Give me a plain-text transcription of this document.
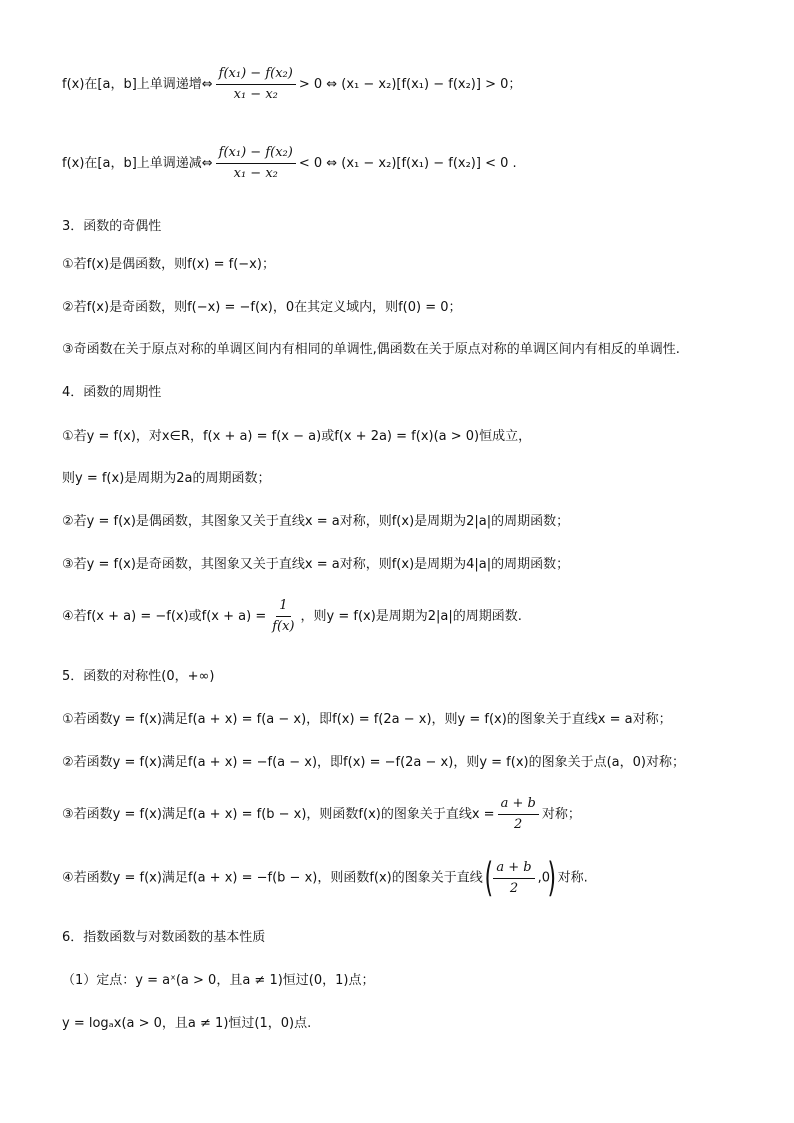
f(x)在[a，b]上单调递增⇔ $\frac{\text{f(x₁) − f(x₂)}}{\text{x₁ − x₂}} > 0$ ⇔ (x₁ − x₂)[f(x₁) − f(x₂)] > 0；
f(x)在[a，b]上单调递减⇔ $\frac{\text{f(x₁) − f(x₂)}}{\text{x₁ − x₂}} < 0$ ⇔ (x₁ − x₂)[f(x₁) − f(x₂)] < 0 .
3．函数的奇偶性
①若f(x)是偶函数，则f(x) = f(−x)；
②若f(x)是奇函数，则f(−x) = −f(x)，0在其定义域内，则f(0) = 0；
③奇函数在关于原点对称的单调区间内有相同的单调性,偶函数在关于原点对称的单调区间内有相反的单调性.
4．函数的周期性
①若y = f(x)，对x∈R，f(x + a) = f(x − a)或f(x + 2a) = f(x)(a > 0)恒成立，
则y = f(x)是周期为2a的周期函数；
②若y = f(x)是偶函数，其图象又关于直线x = a对称，则f(x)是周期为2|a|的周期函数；
③若y = f(x)是奇函数，其图象又关于直线x = a对称，则f(x)是周期为4|a|的周期函数；
④若f(x + a) = −f(x)或$f(x + a) = \frac{1}{f(x)}$ ，则y = f(x)是周期为2|a|的周期函数.
5．函数的对称性(0，+∞)
①若函数y = f(x)满足f(a + x) = f(a − x)，即f(x) = f(2a − x)，则y = f(x)的图象关于直线x = a对称；
②若函数y = f(x)满足f(a + x) = −f(a − x)，即f(x) = −f(2a − x)，则y = f(x)的图象关于点(a，0)对称；
③若函数y = f(x)满足f(a + x) = f(b − x)，则函数f(x)的图象关于直线$x = \frac{a + b}{2}$ 对称；
④若函数y = f(x)满足f(a + x) = −f(b − x)，则函数f(x)的图象关于直线( $\frac{a + b}{2} ,0$) 对称.
6．指数函数与对数函数的基本性质
（1）定点：y = aˣ(a > 0，且a ≠ 1)恒过(0，1)点；
y = logₐx(a > 0，且a ≠ 1)恒过(1，0)点.
